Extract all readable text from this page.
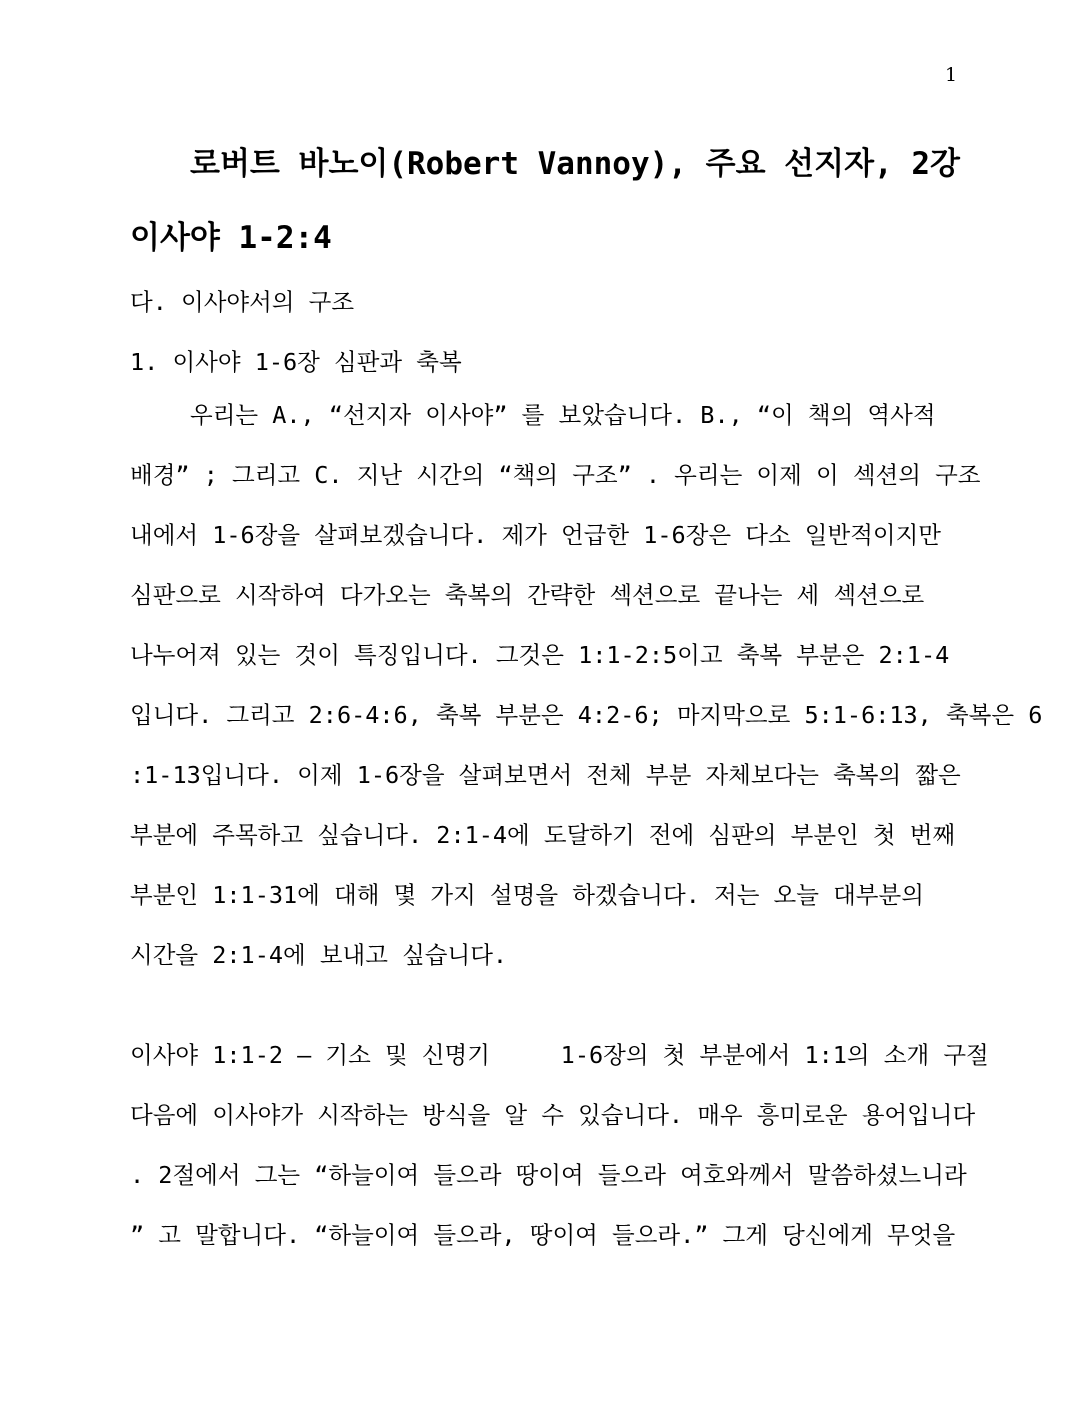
1
로버트 바노이(Robert Vannoy), 주요 선지자, 2강
이사야 1-2:4
다. 이사야서의 구조
1. 이사야 1-6장 심판과 축복
우리는 A., “선지자 이사야” 를 보았습니다. B., “이 책의 역사적
배경” ; 그리고 C. 지난 시간의 “책의 구조” . 우리는 이제 이 섹션의 구조
내에서 1-6장을 살펴보겠습니다. 제가 언급한 1-6장은 다소 일반적이지만
심판으로 시작하여 다가오는 축복의 간략한 섹션으로 끝나는 세 섹션으로
나누어져 있는 것이 특징입니다. 그것은 1:1-2:5이고 축복 부분은 2:1-4
입니다. 그리고 2:6-4:6, 축복 부분은 4:2-6; 마지막으로 5:1-6:13, 축복은 6
:1-13입니다. 이제 1-6장을 살펴보면서 전체 부분 자체보다는 축복의 짧은
부분에 주목하고 싶습니다. 2:1-4에 도달하기 전에 심판의 부분인 첫 번째
부분인 1:1-31에 대해 몇 가지 설명을 하겠습니다. 저는 오늘 대부분의
시간을 2:1-4에 보내고 싶습니다.
이사야 1:1-2 – 기소 및 신명기     1-6장의 첫 부분에서 1:1의 소개 구절
다음에 이사야가 시작하는 방식을 알 수 있습니다. 매우 흥미로운 용어입니다
. 2절에서 그는 “하늘이여 들으라 땅이여 들으라 여호와께서 말씀하셨느니라
” 고 말합니다. “하늘이여 들으라, 땅이여 들으라.” 그게 당신에게 무엇을
